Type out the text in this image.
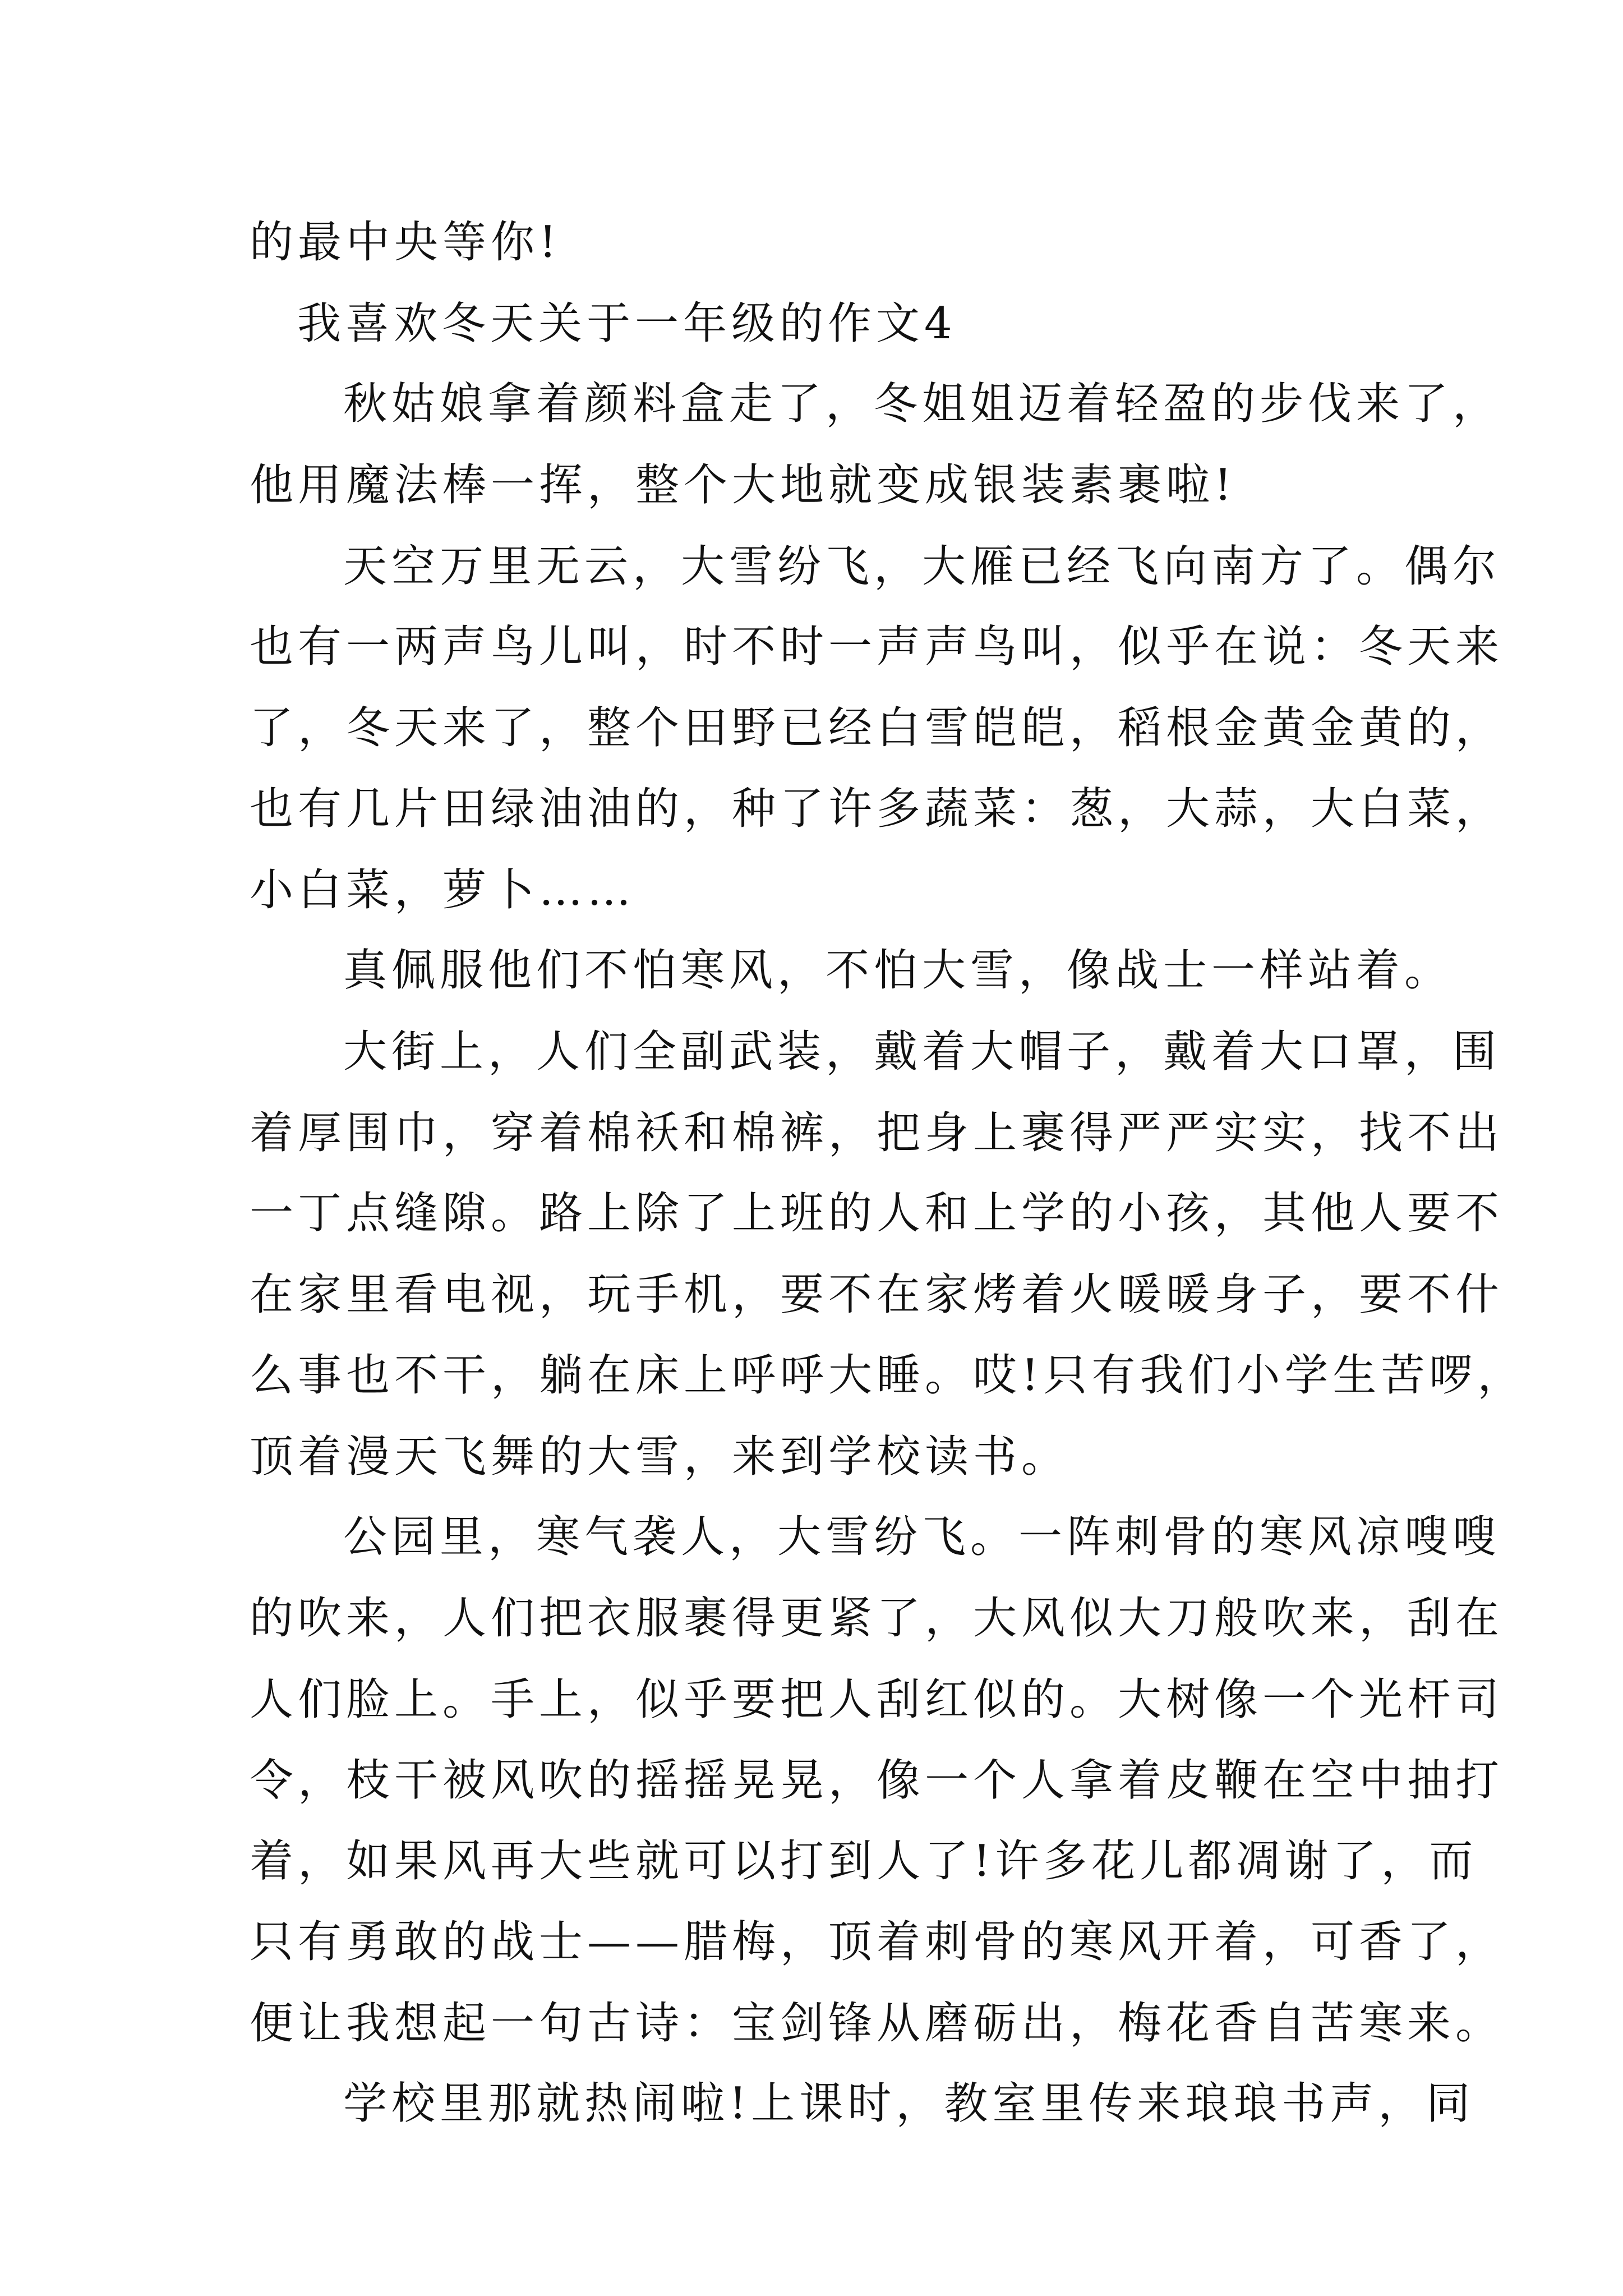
的最中央等你!
我喜欢冬天关于一年级的作文4
秋姑娘拿着颜料盒走了，冬姐姐迈着轻盈的步伐来了，
他用魔法棒一挥，整个大地就变成银装素裹啦!
天空万里无云，大雪纷飞，大雁已经飞向南方了。偶尔
也有一两声鸟儿叫，时不时一声声鸟叫，似乎在说：冬天来
了，冬天来了，整个田野已经白雪皑皑，稻根金黄金黄的，
也有几片田绿油油的，种了许多蔬菜：葱，大蒜，大白菜，
小白菜，萝卜……
真佩服他们不怕寒风，不怕大雪，像战士一样站着。
大街上，人们全副武装，戴着大帽子，戴着大口罩，围
着厚围巾，穿着棉袄和棉裤，把身上裹得严严实实，找不出
一丁点缝隙。路上除了上班的人和上学的小孩，其他人要不
在家里看电视，玩手机，要不在家烤着火暖暖身子，要不什
么事也不干，躺在床上呼呼大睡。哎!只有我们小学生苦啰，
顶着漫天飞舞的大雪，来到学校读书。
公园里，寒气袭人，大雪纷飞。一阵刺骨的寒风凉嗖嗖
的吹来，人们把衣服裹得更紧了，大风似大刀般吹来，刮在
人们脸上。手上，似乎要把人刮红似的。大树像一个光杆司
令，枝干被风吹的摇摇晃晃，像一个人拿着皮鞭在空中抽打
着，如果风再大些就可以打到人了!许多花儿都凋谢了，而
只有勇敢的战士——腊梅，顶着刺骨的寒风开着，可香了，
便让我想起一句古诗：宝剑锋从磨砺出，梅花香自苦寒来。
学校里那就热闹啦!上课时，教室里传来琅琅书声，同
